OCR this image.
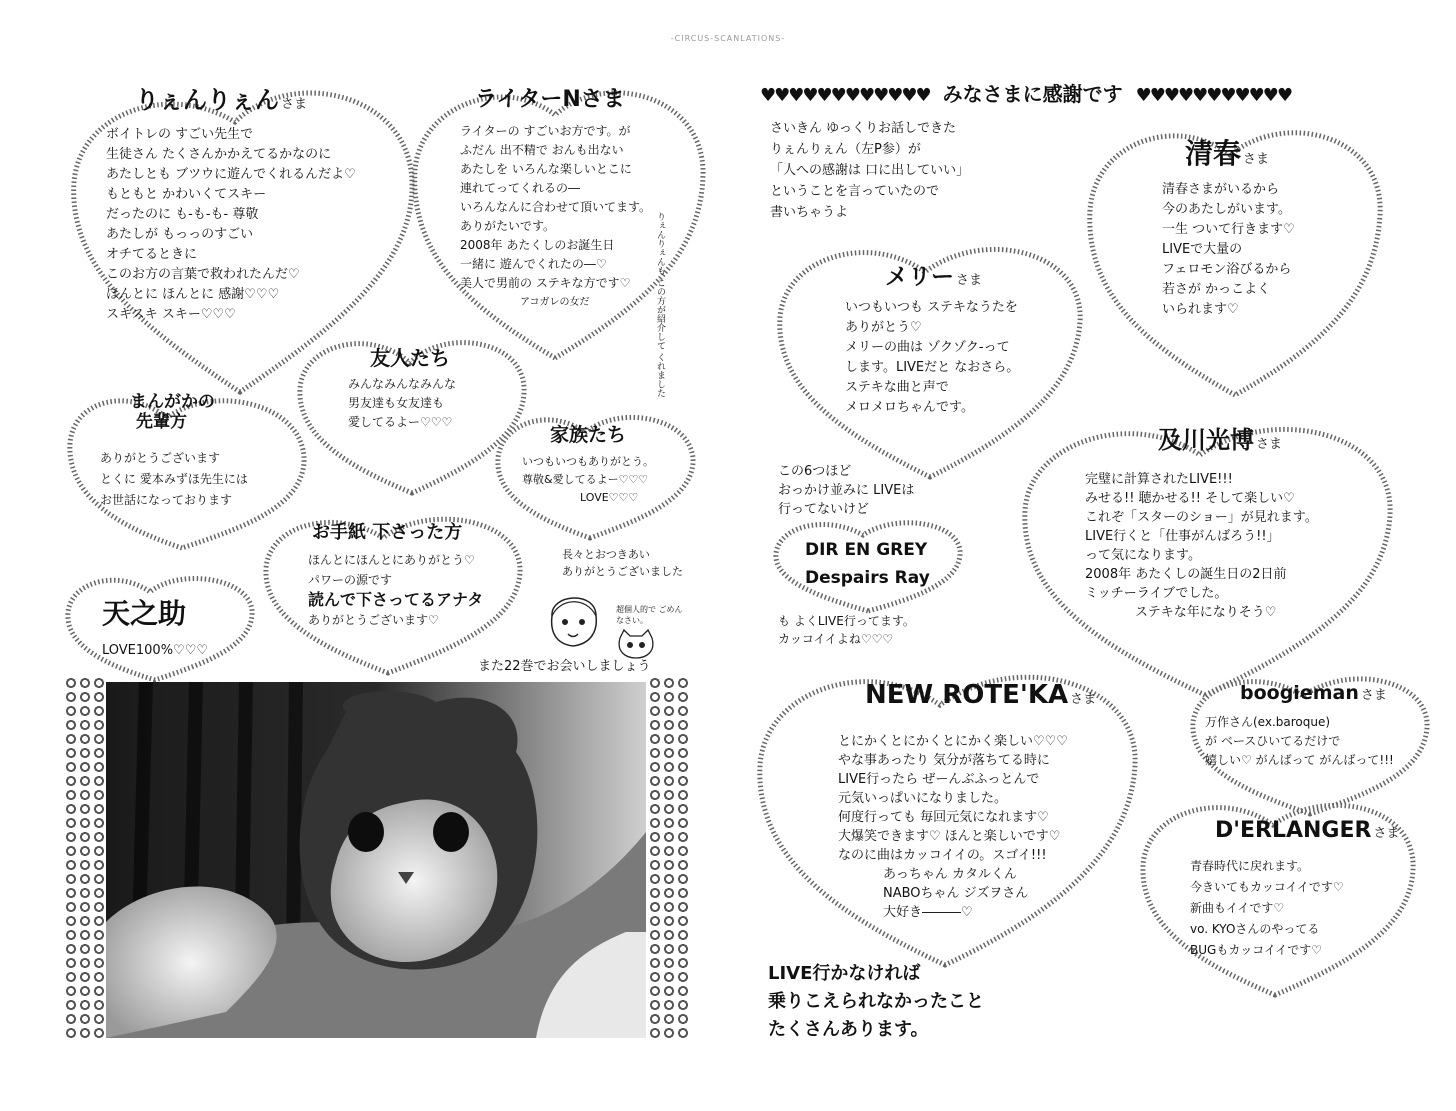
-CIRCUS-SCANLATIONS-
りぇんりぇん さま
ボイトレの すごい先生で
生徒さん たくさんかかえてるかなのに
あたしとも ブツウに遊んでくれるんだよ♡
もともと かわいくてスキー
だったのに も-も-も- 尊敬
あたしが もっっのすごい
オチてるときに
このお方の言葉で救われたんだ♡
ほんとに ほんとに 感謝♡♡♡
スキスキ スキー♡♡♡
ライターNさま
ライターの すごいお方です。が
ふだん 出不精で おんも出ない
あたしを いろんな楽しいとこに
連れてってくれるの―
いろんなんに合わせて頂いてます。
ありがたいです。
2008年 あたくしのお誕生日
一緒に 遊んでくれたの―♡
美人で男前の ステキな方です♡
アコガレの女だ	りぇんりぇんも この方が紹介して くれました
友人たち
みんなみんなみんな
男友達も女友達も
愛してるよー♡♡♡
まんがかの
先輩方
ありがとうございます
とくに 愛本みずほ先生には
お世話になっております
家族たち
いつもいつもありがとう。
尊敬&愛してるよー♡♡♡
LOVE♡♡♡
お手紙 下さった方
ほんとにほんとにありがとう♡
パワーの源です
読んで下さってるアナタ
ありがとうございます♡
天之助
LOVE100%♡♡♡
長々とおつきあい
ありがとうございました
超個人的で ごめんなさい。
また22巻でお会いしましょう
♥♥♥♥♥♥♥♥♥♥♥♥ みなさまに感謝です ♥♥♥♥♥♥♥♥♥♥♥
さいきん ゆっくりお話しできた
りぇんりぇん（左P参）が
「人への感謝は 口に出していい」
ということを言っていたので
書いちゃうよ
清春 さま
清春さまがいるから
今のあたしがいます。
一生 ついて行きます♡
LIVEで大量の
フェロモン浴びるから
若さが かっこよく
いられます♡
メリー さま
いつもいつも ステキなうたを
ありがとう♡
メリーの曲は ゾクゾク-って
します。LIVEだと なおさら。
ステキな曲と声で
メロメロちゃんです。
及川光博 さま
完璧に計算されたLIVE!!!
みせる!! 聴かせる!! そして楽しい♡
これぞ「スターのショー」が見れます。
LIVE行くと「仕事がんばろう!!」
って気になります。
2008年 あたくしの誕生日の2日前
ミッチーライブでした。
ステキな年になりそう♡
この6つほど
おっかけ並みに LIVEは
行ってないけど
DIR EN GREY
Despairs Ray
も よくLIVE行ってます。
カッコイイよね♡♡♡
NEW ROTE'KA さま
とにかくとにかくとにかく楽しい♡♡♡
やな事あったり 気分が落ちてる時に
LIVE行ったら ぜーんぶふっとんで
元気いっぱいになりました。
何度行っても 毎回元気になれます♡
大爆笑できます♡ ほんと楽しいです♡
なのに曲はカッコイイの。スゴイ!!!
あっちゃん カタルくん
NABOちゃん ジズヲさん
大好き―――♡
boogieman さま
万作さん(ex.baroque)
が ベースひいてるだけで
嬉しい♡ がんばって がんばって!!!
D'ERLANGER さま
青春時代に戻れます。
今きいてもカッコイイです♡
新曲もイイです♡
vo. KYOさんのやってる
BUGもカッコイイです♡
LIVE行かなければ
乗りこえられなかったこと
たくさんあります。
